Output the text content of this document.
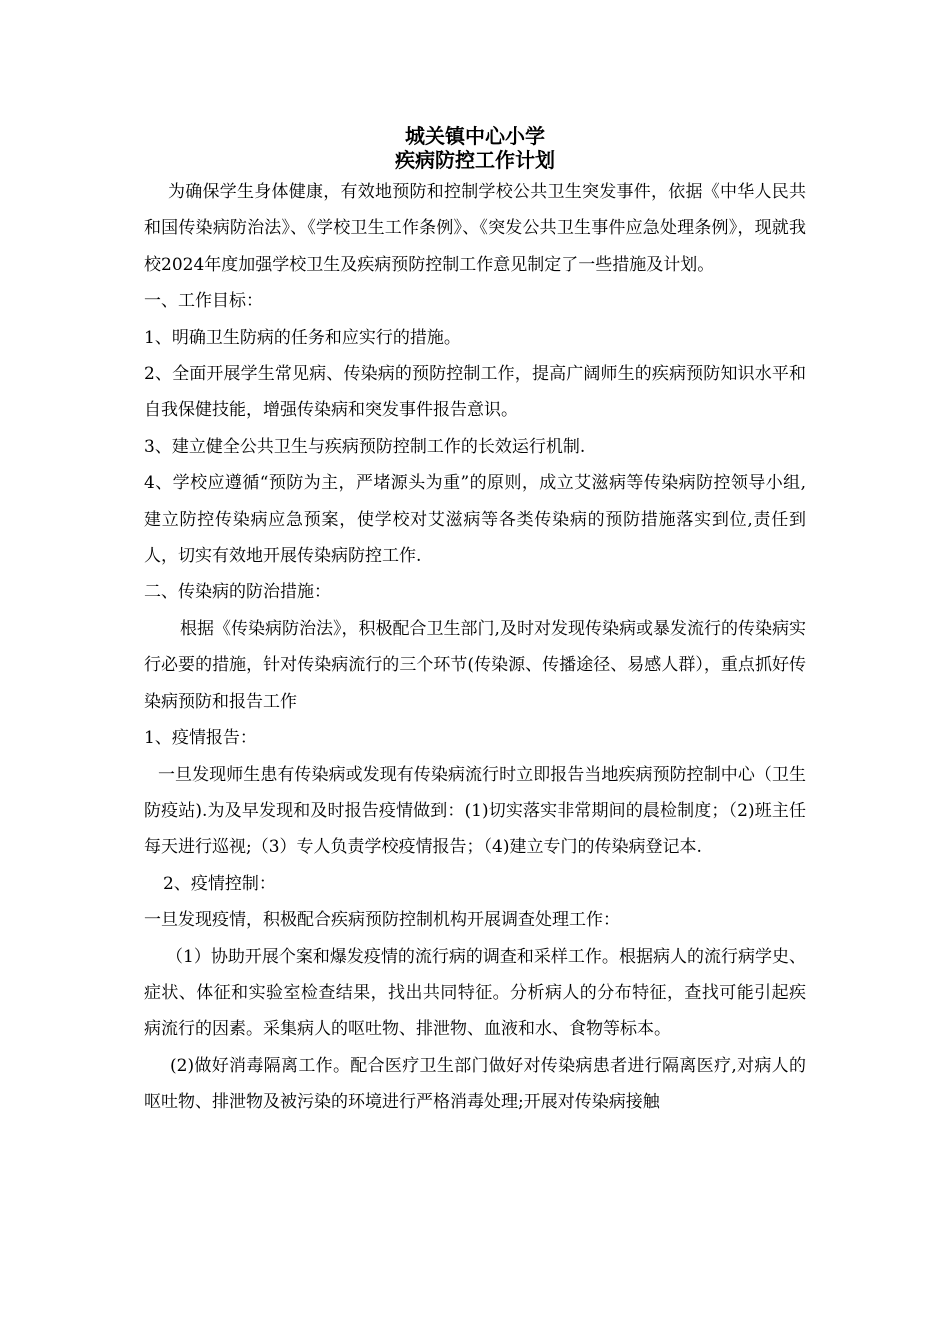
城关镇中心小学
疾病防控工作计划

为确保学生身体健康，有效地预防和控制学校公共卫生突发事件，依据《中华人民共和国传染病防治法》、《学校卫生工作条例》、《突发公共卫生事件应急处理条例》，现就我校2024年度加强学校卫生及疾病预防控制工作意见制定了一些措施及计划。

一、工作目标：

1、明确卫生防病的任务和应实行的措施。

2、全面开展学生常见病、传染病的预防控制工作，提高广阔师生的疾病预防知识水平和自我保健技能，增强传染病和突发事件报告意识。

3、建立健全公共卫生与疾病预防控制工作的长效运行机制.

4、学校应遵循“预防为主，严堵源头为重”的原则，成立艾滋病等传染病防控领导小组,建立防控传染病应急预案，使学校对艾滋病等各类传染病的预防措施落实到位,责任到人，切实有效地开展传染病防控工作.

二、传染病的防治措施：

根据《传染病防治法》，积极配合卫生部门,及时对发现传染病或暴发流行的传染病实行必要的措施，针对传染病流行的三个环节(传染源、传播途径、易感人群），重点抓好传染病预防和报告工作

1、疫情报告：

一旦发现师生患有传染病或发现有传染病流行时立即报告当地疾病预防控制中心（卫生防疫站).为及早发现和及时报告疫情做到：(1)切实落实非常期间的晨检制度；（2)班主任每天进行巡视;（3）专人负责学校疫情报告；（4)建立专门的传染病登记本.

2、疫情控制：

一旦发现疫情，积极配合疾病预防控制机构开展调查处理工作：

（1）协助开展个案和爆发疫情的流行病的调查和采样工作。根据病人的流行病学史、症状、体征和实验室检查结果，找出共同特征。分析病人的分布特征，查找可能引起疾病流行的因素。采集病人的呕吐物、排泄物、血液和水、食物等标本。

(2)做好消毒隔离工作。配合医疗卫生部门做好对传染病患者进行隔离医疗,对病人的呕吐物、排泄物及被污染的环境进行严格消毒处理;开展对传染病接触
